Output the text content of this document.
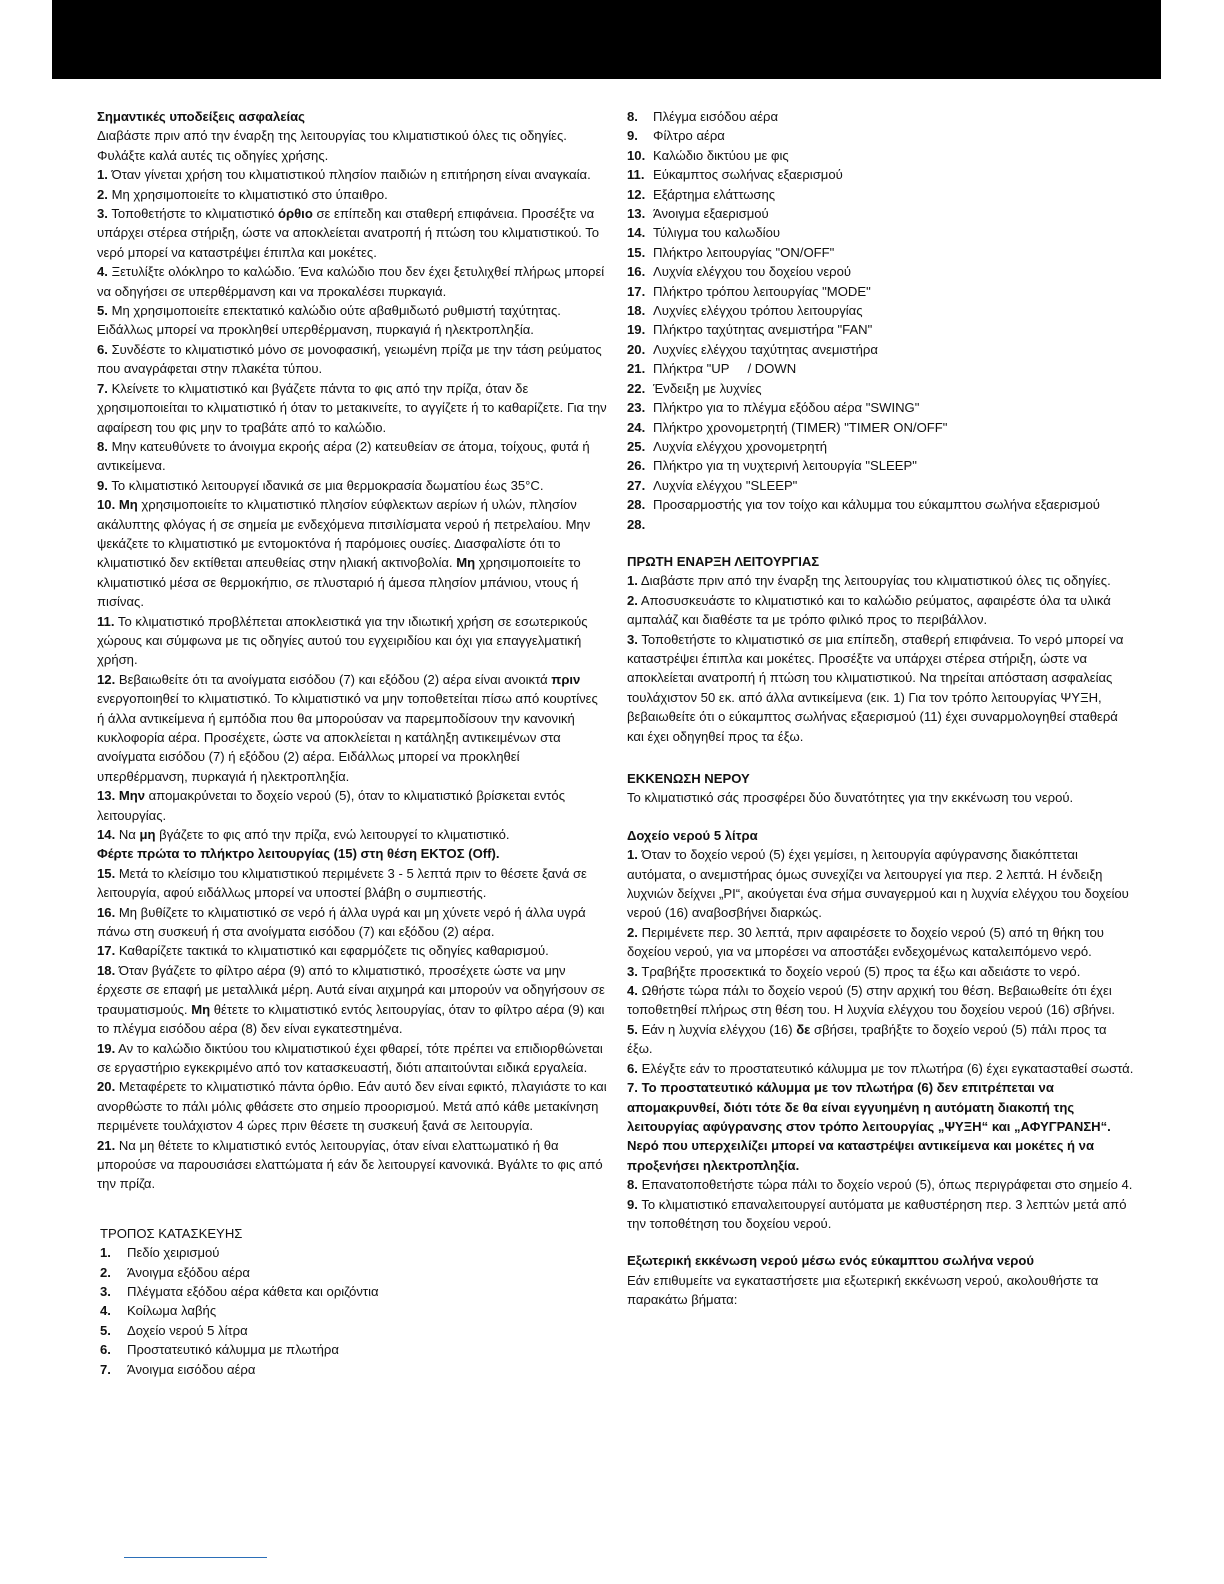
Σημαντικές υποδείξεις ασφαλείας
Διαβάστε πριν από την έναρξη της λειτουργίας του κλιματιστικού όλες τις οδηγίες. Φυλάξτε καλά αυτές τις οδηγίες χρήσης.
1. Όταν γίνεται χρήση του κλιματιστικού πλησίον παιδιών η επιτήρηση είναι αναγκαία.
2. Μη χρησιμοποιείτε το κλιματιστικό στο ύπαιθρο.
3. Τοποθετήστε το κλιματιστικό όρθιο σε επίπεδη και σταθερή επιφάνεια. Προσέξτε να υπάρχει στέρεα στήριξη, ώστε να αποκλείεται ανατροπή ή πτώση του κλιματιστικού. Το νερό μπορεί να καταστρέψει έπιπλα και μοκέτες.
4. Ξετυλίξτε ολόκληρο το καλώδιο. Ένα καλώδιο που δεν έχει ξετυλιχθεί πλήρως μπορεί να οδηγήσει σε υπερθέρμανση και να προκαλέσει πυρκαγιά.
5. Μη χρησιμοποιείτε επεκτατικό καλώδιο ούτε αβαθμιδωτό ρυθμιστή ταχύτητας. Ειδάλλως μπορεί να προκληθεί υπερθέρμανση, πυρκαγιά ή ηλεκτροπληξία.
6. Συνδέστε το κλιματιστικό μόνο σε μονοφασική, γειωμένη πρίζα με την τάση ρεύματος που αναγράφεται στην πλακέτα τύπου.
7. Κλείνετε το κλιματιστικό και βγάζετε πάντα το φις από την πρίζα, όταν δε χρησιμοποιείται το κλιματιστικό ή όταν το μετακινείτε, το αγγίζετε ή το καθαρίζετε. Για την αφαίρεση του φις μην το τραβάτε από το καλώδιο.
8. Μην κατευθύνετε το άνοιγμα εκροής αέρα (2) κατευθείαν σε άτομα, τοίχους, φυτά ή αντικείμενα.
9. Το κλιματιστικό λειτουργεί ιδανικά σε μια θερμοκρασία δωματίου έως 35°C.
10. Μη χρησιμοποιείτε το κλιματιστικό πλησίον εύφλεκτων αερίων ή υλών, πλησίον ακάλυπτης φλόγας ή σε σημεία με ενδεχόμενα πιτσιλίσματα νερού ή πετρελαίου. Μην ψεκάζετε το κλιματιστικό με εντομοκτόνα ή παρόμοιες ουσίες. Διασφαλίστε ότι το κλιματιστικό δεν εκτίθεται απευθείας στην ηλιακή ακτινοβολία. Μη χρησιμοποιείτε το κλιματιστικό μέσα σε θερμοκήπιο, σε πλυσταριό ή άμεσα πλησίον μπάνιου, ντους ή πισίνας.
11. Το κλιματιστικό προβλέπεται αποκλειστικά για την ιδιωτική χρήση σε εσωτερικούς χώρους και σύμφωνα με τις οδηγίες αυτού του εγχειριδίου και όχι για επαγγελματική χρήση.
12. Βεβαιωθείτε ότι τα ανοίγματα εισόδου (7) και εξόδου (2) αέρα είναι ανοικτά πριν ενεργοποιηθεί το κλιματιστικό. Το κλιματιστικό να μην τοποθετείται πίσω από κουρτίνες ή άλλα αντικείμενα ή εμπόδια που θα μπορούσαν να παρεμποδίσουν την κανονική κυκλοφορία αέρα. Προσέχετε, ώστε να αποκλείεται η κατάληξη αντικειμένων στα ανοίγματα εισόδου (7) ή εξόδου (2) αέρα. Ειδάλλως μπορεί να προκληθεί υπερθέρμανση, πυρκαγιά ή ηλεκτροπληξία.
13. Μην απομακρύνεται το δοχείο νερού (5), όταν το κλιματιστικό βρίσκεται εντός λειτουργίας.
14. Να μη βγάζετε το φις από την πρίζα, ενώ λειτουργεί το κλιματιστικό.
Φέρτε πρώτα το πλήκτρο λειτουργίας (15) στη θέση ΕΚΤΟΣ (Off).
15. Μετά το κλείσιμο του κλιματιστικού περιμένετε 3 - 5 λεπτά πριν το θέσετε ξανά σε λειτουργία, αφού ειδάλλως μπορεί να υποστεί βλάβη ο συμπιεστής.
16. Μη βυθίζετε το κλιματιστικό σε νερό ή άλλα υγρά και μη χύνετε νερό ή άλλα υγρά πάνω στη συσκευή ή στα ανοίγματα εισόδου (7) και εξόδου (2) αέρα.
17. Καθαρίζετε τακτικά το κλιματιστικό και εφαρμόζετε τις οδηγίες καθαρισμού.
18. Όταν βγάζετε το φίλτρο αέρα (9) από το κλιματιστικό, προσέχετε ώστε να μην έρχεστε σε επαφή με μεταλλικά μέρη. Αυτά είναι αιχμηρά και μπορούν να οδηγήσουν σε τραυματισμούς. Μη θέτετε το κλιματιστικό εντός λειτουργίας, όταν το φίλτρο αέρα (9) και το πλέγμα εισόδου αέρα (8) δεν είναι εγκατεστημένα.
19. Αν το καλώδιο δικτύου του κλιματιστικού έχει φθαρεί, τότε πρέπει να επιδιορθώνεται σε εργαστήριο εγκεκριμένο από τον κατασκευαστή, διότι απαιτούνται ειδικά εργαλεία.
20. Μεταφέρετε το κλιματιστικό πάντα όρθιο. Εάν αυτό δεν είναι εφικτό, πλαγιάστε το και ανορθώστε το πάλι μόλις φθάσετε στο σημείο προορισμού. Μετά από κάθε μετακίνηση περιμένετε τουλάχιστον 4 ώρες πριν θέσετε τη συσκευή ξανά σε λειτουργία.
21. Να μη θέτετε το κλιματιστικό εντός λειτουργίας, όταν είναι ελαττωματικό ή θα μπορούσε να παρουσιάσει ελαττώματα ή εάν δε λειτουργεί κανονικά. Βγάλτε το φις από την πρίζα.
ΤΡΟΠΟΣ ΚΑΤΑΣΚΕΥΗΣ
1.	Πεδίο χειρισμού
2.	Άνοιγμα εξόδου αέρα
3.	Πλέγματα εξόδου αέρα κάθετα και οριζόντια
4.	Κοίλωμα λαβής
5.	Δοχείο νερού 5 λίτρα
6.	Προστατευτικό κάλυμμα με πλωτήρα
7.	Άνοιγμα εισόδου αέρα
8.	Πλέγμα εισόδου αέρα
9.	Φίλτρο αέρα
10. Καλώδιο δικτύου με φις
11. Εύκαμπτος σωλήνας εξαερισμού
12. Εξάρτημα ελάττωσης
13. Άνοιγμα εξαερισμού
14. Τύλιγμα του καλωδίου
15. Πλήκτρο λειτουργίας "ON/OFF"
16. Λυχνία ελέγχου του δοχείου νερού
17. Πλήκτρο τρόπου λειτουργίας "MODE"
18. Λυχνίες ελέγχου τρόπου λειτουργίας
19. Πλήκτρο ταχύτητας ανεμιστήρα "FAN"
20. Λυχνίες ελέγχου ταχύτητας ανεμιστήρα
21. Πλήκτρα "UP     / DOWN
22. Ένδειξη με λυχνίες
23. Πλήκτρο για το πλέγμα εξόδου αέρα "SWING"
24. Πλήκτρο χρονομετρητή (TIMER) "TIMER ON/OFF"
25. Λυχνία ελέγχου χρονομετρητή
26. Πλήκτρο για τη νυχτερινή λειτουργία "SLEEP"
27. Λυχνία ελέγχου "SLEEP"
28. Προσαρμοστής για τον τοίχο και κάλυμμα του εύκαμπτου σωλήνα εξαερισμού
28.
ΠΡΩΤΗ ΕΝΑΡΞΗ ΛΕΙΤΟΥΡΓΙΑΣ
1. Διαβάστε πριν από την έναρξη της λειτουργίας του κλιματιστικού όλες τις οδηγίες.
2. Αποσυσκευάστε το κλιματιστικό και το καλώδιο ρεύματος, αφαιρέστε όλα τα υλικά αμπαλάζ και διαθέστε τα με τρόπο φιλικό προς το περιβάλλον.
3. Τοποθετήστε το κλιματιστικό σε μια επίπεδη, σταθερή επιφάνεια. Το νερό μπορεί να καταστρέψει έπιπλα και μοκέτες. Προσέξτε να υπάρχει στέρεα στήριξη, ώστε να αποκλείεται ανατροπή ή πτώση του κλιματιστικού. Να τηρείται απόσταση ασφαλείας τουλάχιστον 50 εκ. από άλλα αντικείμενα (εικ. 1) Για τον τρόπο λειτουργίας ΨΥΞΗ, βεβαιωθείτε ότι ο εύκαμπτος σωλήνας εξαερισμού (11) έχει συναρμολογηθεί σταθερά και έχει οδηγηθεί προς τα έξω.
ΕΚΚΕΝΩΣΗ ΝΕΡΟΥ
Το κλιματιστικό σάς προσφέρει δύο δυνατότητες για την εκκένωση του νερού.
Δοχείο νερού 5 λίτρα
1. Όταν το δοχείο νερού (5) έχει γεμίσει, η λειτουργία αφύγρανσης διακόπτεται αυτόματα, ο ανεμιστήρας όμως συνεχίζει να λειτουργεί για περ. 2 λεπτά. Η ένδειξη λυχνιών δείχνει „PI“, ακούγεται ένα σήμα συναγερμού και η λυχνία ελέγχου του δοχείου νερού (16) αναβοσβήνει διαρκώς.
2. Περιμένετε περ. 30 λεπτά, πριν αφαιρέσετε το δοχείο νερού (5) από τη θήκη του δοχείου νερού, για να μπορέσει να αποστάξει ενδεχομένως καταλειπόμενο νερό.
3. Τραβήξτε προσεκτικά το δοχείο νερού (5) προς τα έξω και αδειάστε το νερό.
4. Ωθήστε τώρα πάλι το δοχείο νερού (5) στην αρχική του θέση. Βεβαιωθείτε ότι έχει τοποθετηθεί πλήρως στη θέση του. Η λυχνία ελέγχου του δοχείου νερού (16) σβήνει.
5. Εάν η λυχνία ελέγχου (16) δε σβήσει, τραβήξτε το δοχείο νερού (5) πάλι προς τα έξω.
6. Ελέγξτε εάν το προστατευτικό κάλυμμα με τον πλωτήρα (6) έχει εγκατασταθεί σωστά.
7. Το προστατευτικό κάλυμμα με τον πλωτήρα (6) δεν επιτρέπεται να απομακρυνθεί, διότι τότε δε θα είναι εγγυημένη η αυτόματη διακοπή της λειτουργίας αφύγρανσης στον τρόπο λειτουργίας „ΨΥΞΗ“ και „ΑΦΥΓΡΑΝΣΗ“. Νερό που υπερχειλίζει μπορεί να καταστρέψει αντικείμενα και μοκέτες ή να προξενήσει ηλεκτροπληξία.
8. Επανατοποθετήστε τώρα πάλι το δοχείο νερού (5), όπως περιγράφεται στο σημείο 4.
9. Το κλιματιστικό επαναλειτουργεί αυτόματα με καθυστέρηση περ. 3 λεπτών μετά από την τοποθέτηση του δοχείου νερού.
Εξωτερική εκκένωση νερού μέσω ενός εύκαμπτου σωλήνα νερού
Εάν επιθυμείτε να εγκαταστήσετε μια εξωτερική εκκένωση νερού, ακολουθήστε τα παρακάτω βήματα:
